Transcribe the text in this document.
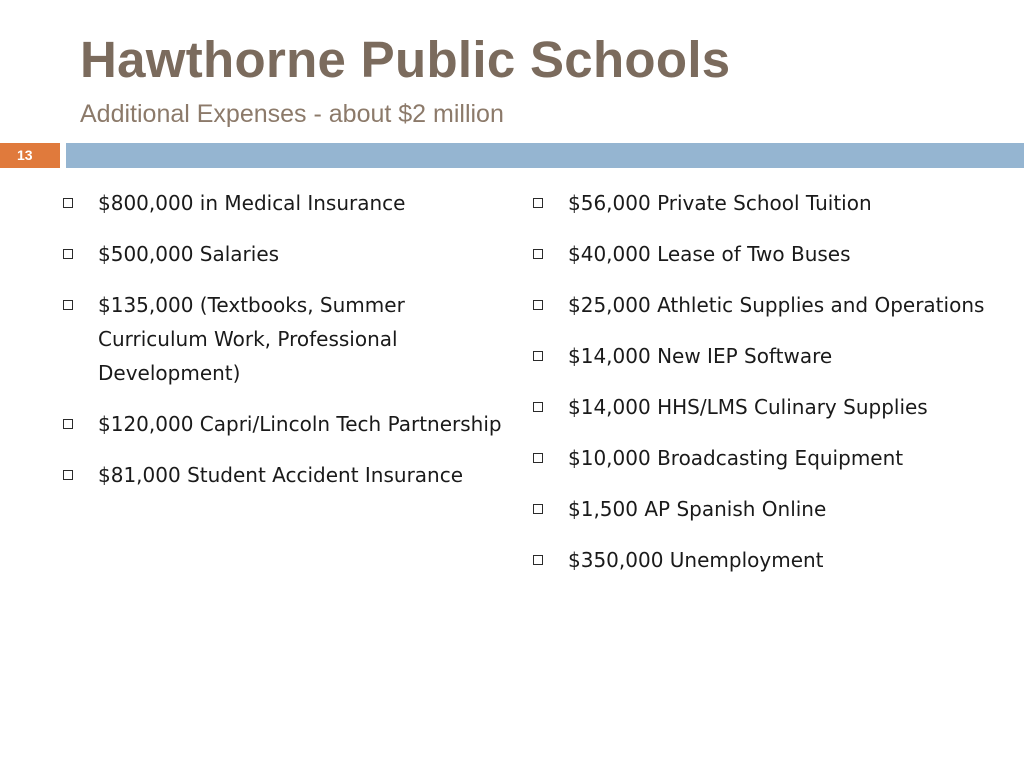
Hawthorne Public Schools
Additional Expenses - about $2 million
13
$800,000 in Medical Insurance
$500,000 Salaries
$135,000 (Textbooks, Summer Curriculum Work, Professional Development)
$120,000 Capri/Lincoln Tech Partnership
$81,000 Student Accident Insurance
$56,000 Private School Tuition
$40,000 Lease of Two Buses
$25,000 Athletic Supplies and Operations
$14,000 New IEP Software
$14,000 HHS/LMS Culinary Supplies
$10,000 Broadcasting Equipment
$1,500 AP Spanish Online
$350,000 Unemployment
